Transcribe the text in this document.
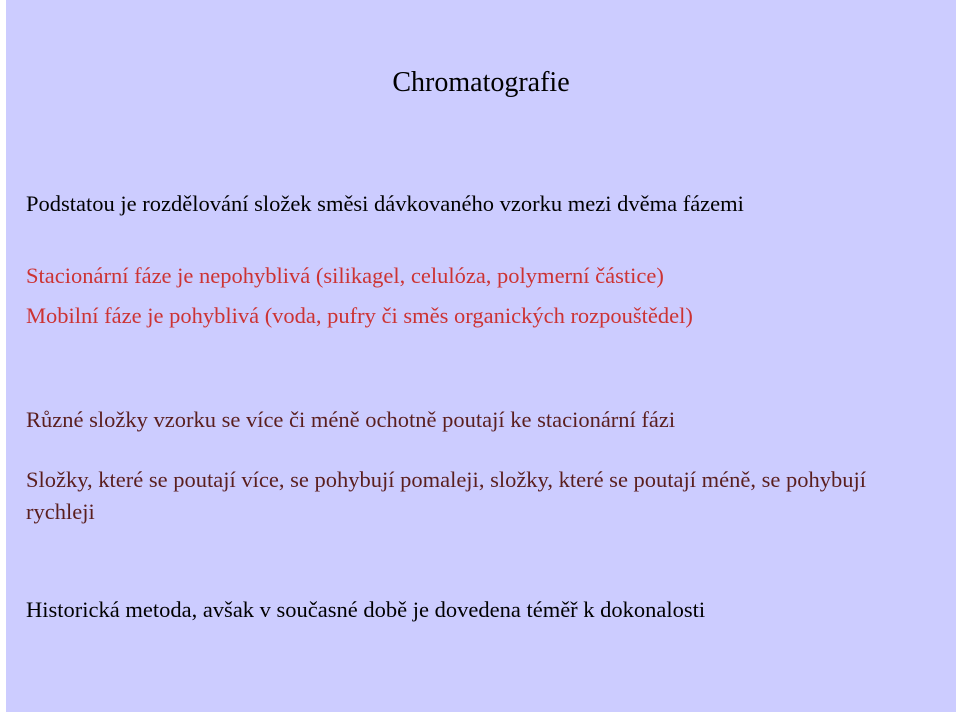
Chromatografie

Podstatou je rozdělování složek směsi dávkovaného vzorku mezi dvěma fázemi

Stacionární fáze je nepohyblivá (silikagel, celulóza, polymerní částice)

Mobilní fáze je pohyblivá (voda, pufry či směs organických rozpouštědel)

Různé složky vzorku se více či méně ochotně poutají ke stacionární fázi

Složky, které se poutají více, se pohybují pomaleji, složky, které se poutají méně, se pohybují rychleji

Historická metoda, avšak v současné době je dovedena téměř k dokonalosti
